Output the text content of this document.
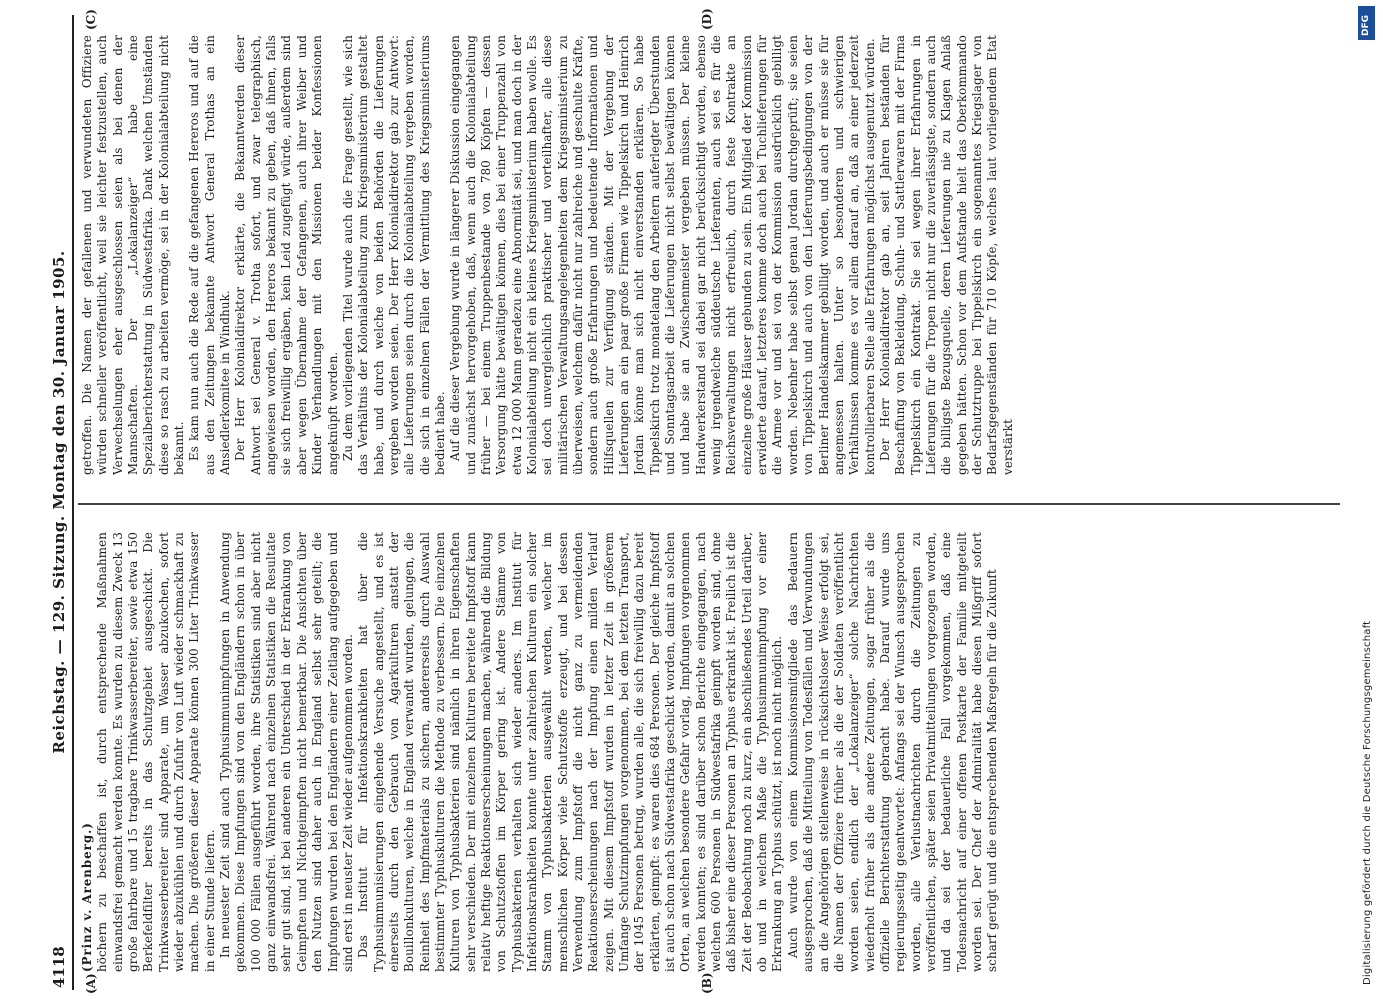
4118
Reichstag. — 129. Sitzung. Montag den 30. Januar 1905.
(A)	(B)
(C)	(D)

(Prinz v. Arenberg.) höchern zu beschaffen ist, durch entsprechende Maßnahmen einwandsfrei gemacht werden konnte. Es wurden zu diesem Zweck 13 große fahrbare und 15 tragbare Trinkwasserbereiter, sowie etwa 150 Berkefeldfilter bereits in das Schutzgebiet ausgeschickt. Die Trinkwasserbereiter sind Apparate, um Wasser abzukochen, sofort wieder abzukühlen und durch Zufuhr von Luft wieder schmackhaft zu machen. Die größeren dieser Apparate können 300 Liter Trinkwasser in einer Stunde liefern. In neuester Zeit sind auch Typhusimmunimpfungen in Anwendung gekommen. Diese Impfungen sind von den Engländern schon in über 100 000 Fällen ausgeführt worden, ihre Statistiken sind aber nicht ganz einwandsfrei. Während nach einzelnen Statistiken die Resultate sehr gut sind, ist bei anderen ein Unterschied in der Erkrankung von Geimpften und Nichtgeimpften nicht bemerkbar. Die Ansichten über den Nutzen sind daher auch in England selbst sehr geteilt; die Impfungen wurden bei den Engländern einer Zeitlang aufgegeben und sind erst in neuster Zeit wieder aufgenommen worden. Das Institut für Infektionskrankheiten hat über die Typhusimmunisierungen eingehende Versuche angestellt, und es ist einerseits durch den Gebrauch von Agarkulturen anstatt der Bouillonkulturen, welche in England verwandt wurden, gelungen, die Reinheit des Impfmaterials zu sichern, andererseits durch Auswahl bestimmter Typhuskulturen die Methode zu verbessern. Die einzelnen Kulturen von Typhusbakterien sind nämlich in ihren Eigenschaften sehr verschieden. Der mit einzelnen Kulturen bereitete Impfstoff kann relativ heftige Reaktionserscheinungen machen, während die Bildung von Schutzstoffen im Körper gering ist. Andere Stämme von Typhusbakterien verhalten sich wieder anders. Im Institut für Infektionskrankheiten konnte unter zahlreichen Kulturen ein solcher Stamm von Typhusbakterien ausgewählt werden, welcher im menschlichen Körper viele Schutzstoffe erzeugt, und bei dessen Verwendung zum Impfstoff die nicht ganz zu vermeidenden Reaktionserscheinungen nach der Impfung einen milden Verlauf zeigen. Mit diesem Impfstoff wurden in letzter Zeit in größerem Umfange Schutzimpfungen vorgenommen, bei dem letzten Transport, der 1045 Personen betrug, wurden alle, die sich freiwillig dazu bereit erklärten, geimpft: es waren dies 684 Personen. Der gleiche Impfstoff ist auch schon nach Südwestafrika geschickt worden, damit an solchen Orten, an welchen besondere Gefahr vorlag, Impfungen vorgenommen werden konnten; es sind darüber schon Berichte eingegangen, nach welchen 600 Personen in Südwestafrika geimpft worden sind, ohne daß bisher eine dieser Personen an Typhus erkrankt ist. Freilich ist die Zeit der Beobachtung noch zu kurz, ein abschließendes Urteil darüber, ob und in welchem Maße die Typhusimmunimpfung vor einer Erkrankung an Typhus schützt, ist noch nicht möglich. Auch wurde von einem Kommissionsmitgliede das Bedauern ausgesprochen, daß die Mitteilung von Todesfällen und Verwundungen an die Angehörigen stellenweise in rücksichtsloser Weise erfolgt sei, die Namen der Offiziere früher als die der Soldaten veröffentlicht worden seien, endlich der „Lokalanzeiger“ solche Nachrichten wiederholt früher als die andere Zeitungen, sogar früher als die offizielle Berichterstattung gebracht habe. Darauf wurde uns regierungsseitig geantwortet: Anfangs sei der Wunsch ausgesprochen worden, alle Verlustnachrichten durch die Zeitungen zu veröffentlichen, später seien Privatmitteilungen vorgezogen worden, und da sei der bedauerliche Fall vorgekommen, daß eine Todesnachricht auf einer offenen Postkarte der Familie mitgeteilt worden sei. Der Chef der Admiralität habe diesen Mißgriff sofort scharf gerügt und die entsprechenden Maßregeln für die Zukunft

getroffen. Die Namen der gefallenen und verwundeten Offiziere würden schneller veröffentlicht, weil sie leichter festzustellen, auch Verwechselungen eher ausgeschlossen seien als bei denen der Mannschaften. Der „Lokalanzeiger“ habe eine Spezialberichterstattung in Südwestafrika. Dank welchen Umständen diese so rasch zu arbeiten vermöge, sei in der Kolonialabteilung nicht bekannt. Es kam nun auch die Rede auf die gefangenen Hereros und auf die aus den Zeitungen bekannte Antwort General Trothas an ein Ansiedlerkomitee in Windhuk. Der Herr Kolonialdirektor erklärte, die Bekanntwerden dieser Antwort sei General v. Trotha sofort, und zwar telegraphisch, angewiesen worden, den Hereros bekannt zu geben, daß ihnen, falls sie sich freiwillig ergäben, kein Leid zugefügt würde, außerdem sind aber wegen Übernahme der Gefangenen, auch ihrer Weiber und Kinder Verhandlungen mit den Missionen beider Konfessionen angeknüpft worden. Zu dem vorliegenden Titel wurde auch die Frage gestellt, wie sich das Verhältnis der Kolonialabteilung zum Kriegsministerium gestaltet habe, und durch welche von beiden Behörden die Lieferungen vergeben worden seien. Der Herr Kolonialdirektor gab zur Antwort: alle Lieferungen seien durch die Kolonialabteilung vergeben worden, die sich in einzelnen Fällen der Vermittlung des Kriegsministeriums bedient habe. Auf die dieser Vergebung wurde in längerer Diskussion eingegangen und zunächst hervorgehoben, daß, wenn auch die Kolonialabteilung früher — bei einem Truppenbestande von 780 Köpfen — dessen Versorgung hätte bewältigen können, dies bei einer Truppenzahl von etwa 12 000 Mann geradezu eine Abnormität sei, und man doch in der Kolonialabteilung nicht ein kleines Kriegsministerium haben wolle. Es sei doch unvergleichlich praktischer und vorteilhafter, alle diese militärischen Verwaltungsangelegenheiten dem Kriegsministerium zu überweisen, welchem dafür nicht nur zahlreiche und geschulte Kräfte, sondern auch große Erfahrungen und bedeutende Informationen und Hilfsquellen zur Verfügung ständen. Mit der Vergebung der Lieferungen an ein paar große Firmen wie Tippelskirch und Heinrich Jordan könne man sich nicht einverstanden erklären. So habe Tippelskirch trotz monatelang den Arbeitern auferlegter Überstunden und Sonntagsarbeit die Lieferungen nicht selbst bewältigen können und habe sie an Zwischenmeister vergeben müssen. Der kleine Handwerkerstand sei dabei gar nicht berücksichtigt worden, ebenso wenig irgendwelche süddeutsche Lieferanten, auch sei es für die Reichsverwaltungen nicht erfreulich, durch feste Kontrakte an einzelne große Häuser gebunden zu sein. Ein Mitglied der Kommission erwiderte darauf, letzteres komme doch auch bei Tuchlieferungen für die Armee vor und sei von der Kommission ausdrücklich gebilligt worden. Nebenher habe selbst genau Jordan durchgeprüft; sie seien von Tippelskirch und auch von den Lieferungsbedingungen von der Berliner Handelskammer gebilligt worden, und auch er müsse sie für angemessen halten. Unter so besonderen und schwierigen Verhältnissen komme es vor allem darauf an, daß an einer jederzeit kontrollierbaren Stelle alle Erfahrungen möglichst ausgenutzt würden. Der Herr Kolonialdirektor gab an, seit Jahren beständen für Beschaffung von Bekleidung, Schuh- und Sattlerwaren mit der Firma Tippelskirch ein Kontrakt. Sie sei wegen ihrer Erfahrungen in Lieferungen für die Tropen nicht nur die zuverlässigste, sondern auch die billigste Bezugsquelle, deren Lieferungen nie zu Klagen Anlaß gegeben hätten. Schon vor dem Aufstande hielt das Oberkommando der Schutztruppe bei Tippelskirch ein sogenanntes Kriegslager von Bedarfsgegenständen für 710 Köpfe, welches laut vorliegendem Etat verstärkt

DFG
Digitalisierung gefördert durch die Deutsche Forschungsgemeinschaft
